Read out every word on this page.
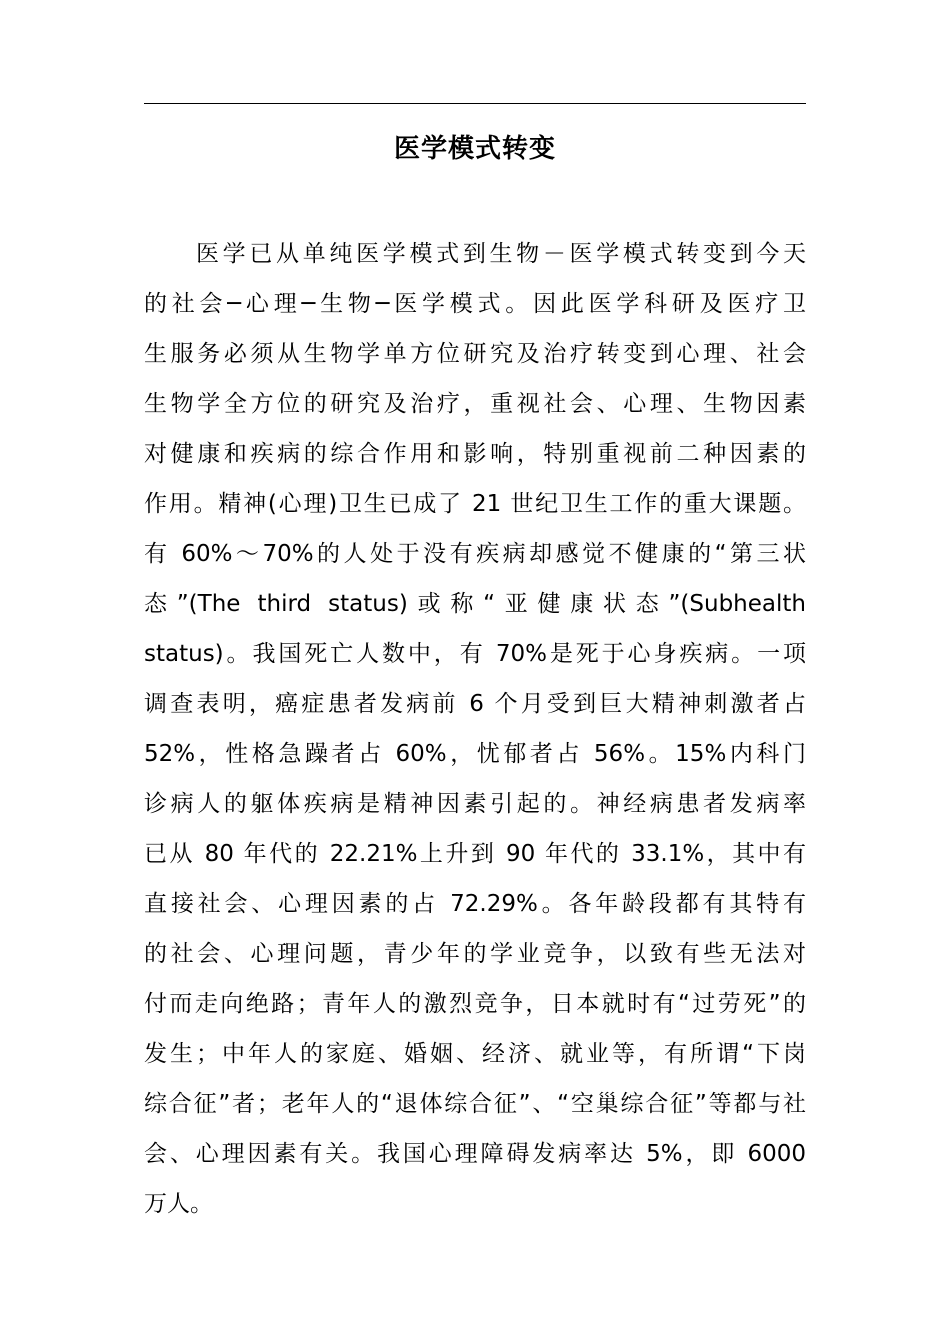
医学模式转变
医学已从单纯医学模式到生物－医学模式转变到今天
的社会─心理─生物─医学模式。因此医学科研及医疗卫
生服务必须从生物学单方位研究及治疗转变到心理、社会
生物学全方位的研究及治疗，重视社会、心理、生物因素
对健康和疾病的综合作用和影响，特别重视前二种因素的
作用。精神(心理)卫生已成了 21 世纪卫生工作的重大课题。
有 60%～70%的人处于没有疾病却感觉不健康的“第三状
态”(The third status)或称“亚健康状态”(Subhealth
status)。我国死亡人数中，有 70%是死于心身疾病。一项
调查表明，癌症患者发病前 6 个月受到巨大精神刺激者占
52%，性格急躁者占 60%，忧郁者占 56%。15%内科门
诊病人的躯体疾病是精神因素引起的。神经病患者发病率
已从 80 年代的 22.21%上升到 90 年代的 33.1%，其中有
直接社会、心理因素的占 72.29%。各年龄段都有其特有
的社会、心理问题，青少年的学业竞争，以致有些无法对
付而走向绝路；青年人的激烈竞争，日本就时有“过劳死”的
发生；中年人的家庭、婚姻、经济、就业等，有所谓“下岗
综合征”者；老年人的“退体综合征”、“空巢综合征”等都与社
会、心理因素有关。我国心理障碍发病率达 5%，即 6000
万人。
